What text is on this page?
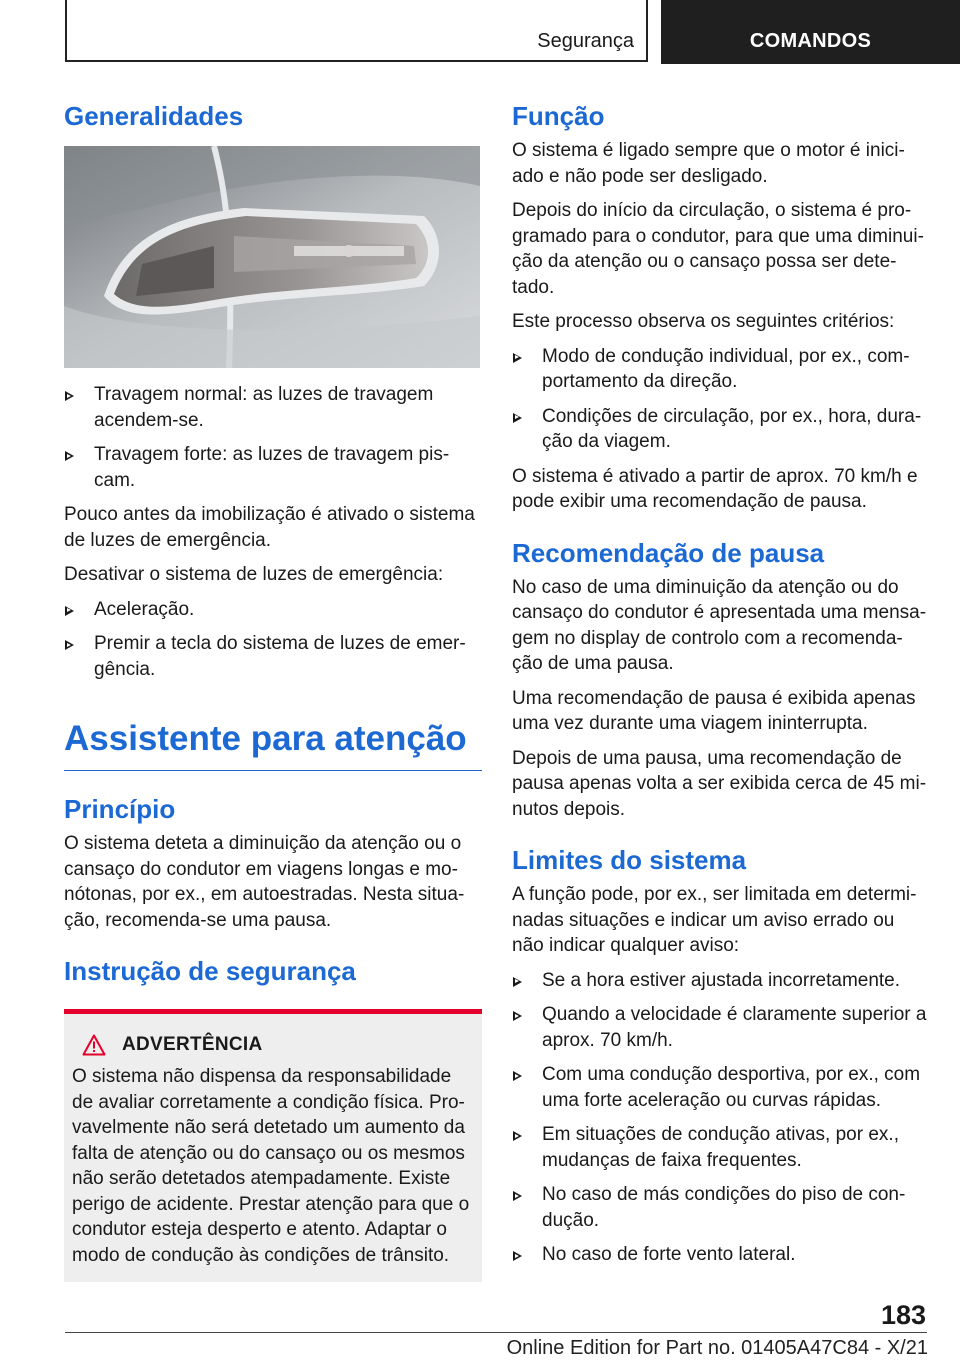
Segurança	COMANDOS
Generalidades
Travagem normal: as luzes de travagem acendem-se.
Travagem forte: as luzes de travagem pis-cam.

Pouco antes da imobilização é ativado o sistema de luzes de emergência.

Desativar o sistema de luzes de emergência:

Aceleração.
Premir a tecla do sistema de luzes de emer-gência.
Assistente para atenção
Princípio

O sistema deteta a diminuição da atenção ou o cansaço do condutor em viagens longas e mo-nótonas, por ex., em autoestradas. Nesta situa-ção, recomenda-se uma pausa.

Instrução de segurança
ADVERTÊNCIA

O sistema não dispensa da responsabilidade de avaliar corretamente a condição física. Pro-vavelmente não será detetado um aumento da falta de atenção ou do cansaço ou os mesmos não serão detetados atempadamente. Existe perigo de acidente. Prestar atenção para que o condutor esteja desperto e atento. Adaptar o modo de condução às condições de trânsito.

Função

O sistema é ligado sempre que o motor é inici-ado e não pode ser desligado.

Depois do início da circulação, o sistema é pro-gramado para o condutor, para que uma diminui-ção da atenção ou o cansaço possa ser dete-tado.

Este processo observa os seguintes critérios:

Modo de condução individual, por ex., com-portamento da direção.
Condições de circulação, por ex., hora, dura-ção da viagem.

O sistema é ativado a partir de aprox. 70 km/h e pode exibir uma recomendação de pausa.

Recomendação de pausa

No caso de uma diminuição da atenção ou do cansaço do condutor é apresentada uma mensa-gem no display de controlo com a recomenda-ção de uma pausa.

Uma recomendação de pausa é exibida apenas uma vez durante uma viagem ininterrupta.

Depois de uma pausa, uma recomendação de pausa apenas volta a ser exibida cerca de 45 mi-nutos depois.

Limites do sistema

A função pode, por ex., ser limitada em determi-nadas situações e indicar um aviso errado ou não indicar qualquer aviso:

Se a hora estiver ajustada incorretamente.
Quando a velocidade é claramente superior a aprox. 70 km/h.
Com uma condução desportiva, por ex., com uma forte aceleração ou curvas rápidas.
Em situações de condução ativas, por ex., mudanças de faixa frequentes.
No caso de más condições do piso de con-dução.
No caso de forte vento lateral.
183
Online Edition for Part no. 01405A47C84 - X/21
